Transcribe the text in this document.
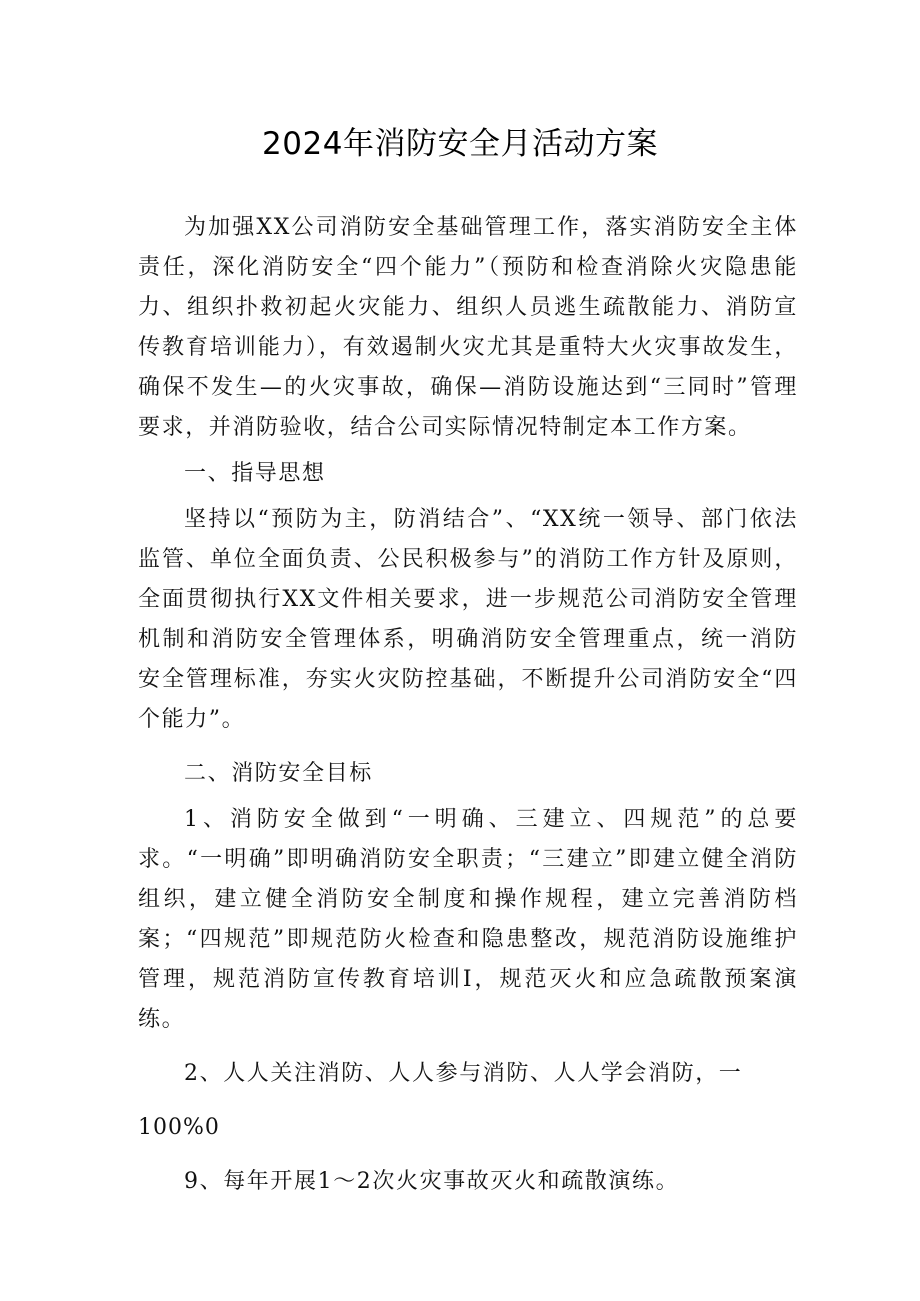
2024年消防安全月活动方案

为加强XX公司消防安全基础管理工作，落实消防安全主体责任，深化消防安全“四个能力”（预防和检查消除火灾隐患能力、组织扑救初起火灾能力、组织人员逃生疏散能力、消防宣传教育培训能力），有效遏制火灾尤其是重特大火灾事故发生，确保不发生—的火灾事故，确保—消防设施达到“三同时”管理要求，并消防验收，结合公司实际情况特制定本工作方案。

一、指导思想

坚持以“预防为主，防消结合”、“XX统一领导、部门依法监管、单位全面负责、公民积极参与”的消防工作方针及原则，全面贯彻执行XX文件相关要求，进一步规范公司消防安全管理机制和消防安全管理体系，明确消防安全管理重点，统一消防安全管理标准，夯实火灾防控基础，不断提升公司消防安全“四个能力”。

二、消防安全目标

1、消防安全做到“一明确、三建立、四规范”的总要求。“一明确”即明确消防安全职责；“三建立”即建立健全消防组织，建立健全消防安全制度和操作规程，建立完善消防档案；“四规范”即规范防火检查和隐患整改，规范消防设施维护管理，规范消防宣传教育培训I，规范灭火和应急疏散预案演练。

2、人人关注消防、人人参与消防、人人学会消防，一

100%0

9、每年开展1～2次火灾事故灭火和疏散演练。
